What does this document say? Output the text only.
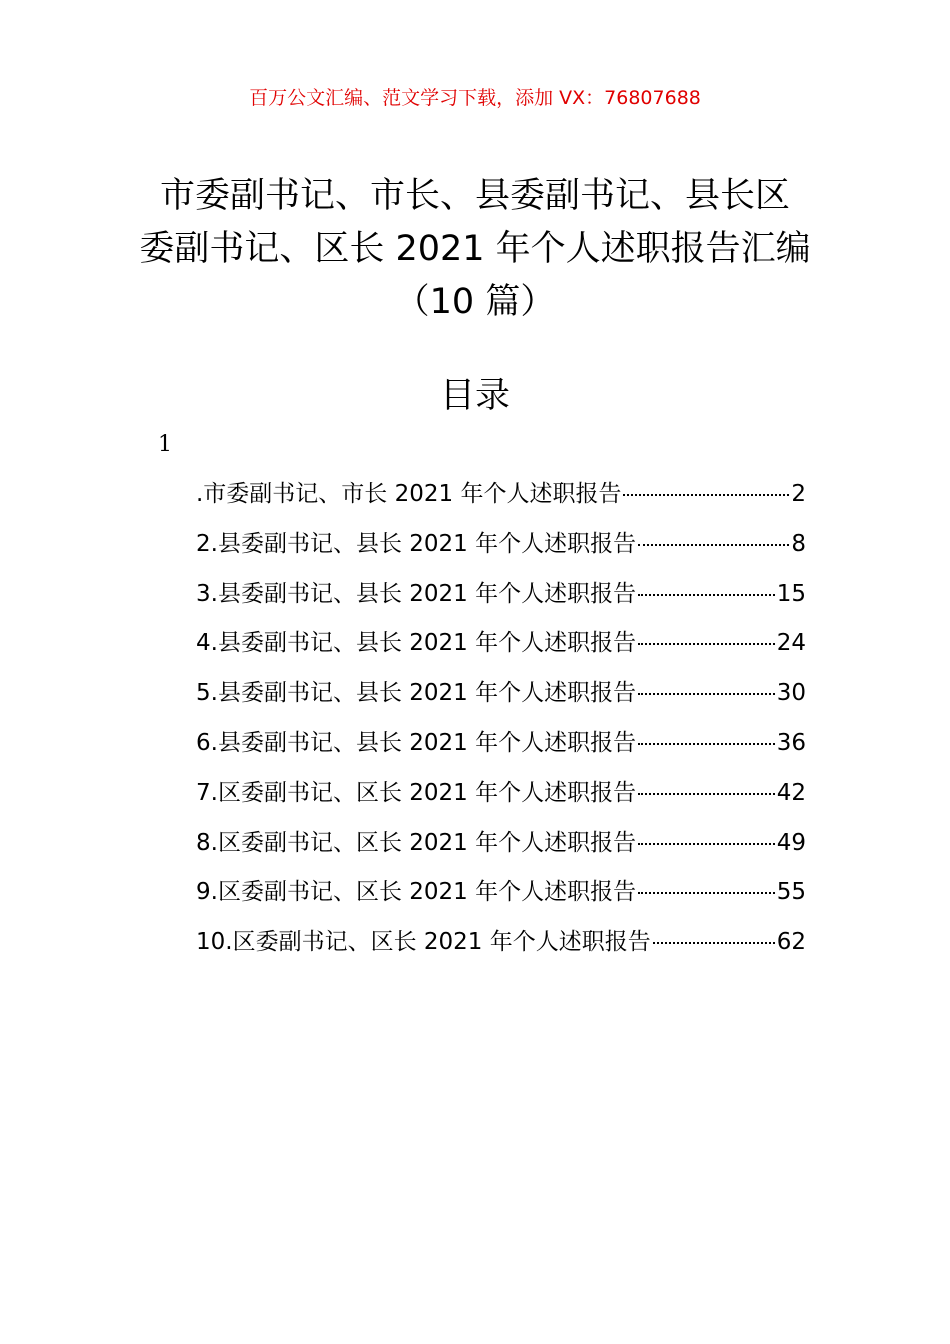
百万公文汇编、范文学习下载，添加 VX：76807688
市委副书记、市长、县委副书记、县长区
委副书记、区长 2021 年个人述职报告汇编
（10 篇）
目录
1
.市委副书记、市长 2021 年个人述职报告	2
2.县委副书记、县长 2021 年个人述职报告	8
3.县委副书记、县长 2021 年个人述职报告	15
4.县委副书记、县长 2021 年个人述职报告	24
5.县委副书记、县长 2021 年个人述职报告	30
6.县委副书记、县长 2021 年个人述职报告	36
7.区委副书记、区长 2021 年个人述职报告	42
8.区委副书记、区长 2021 年个人述职报告	49
9.区委副书记、区长 2021 年个人述职报告	55
10.区委副书记、区长 2021 年个人述职报告	62
